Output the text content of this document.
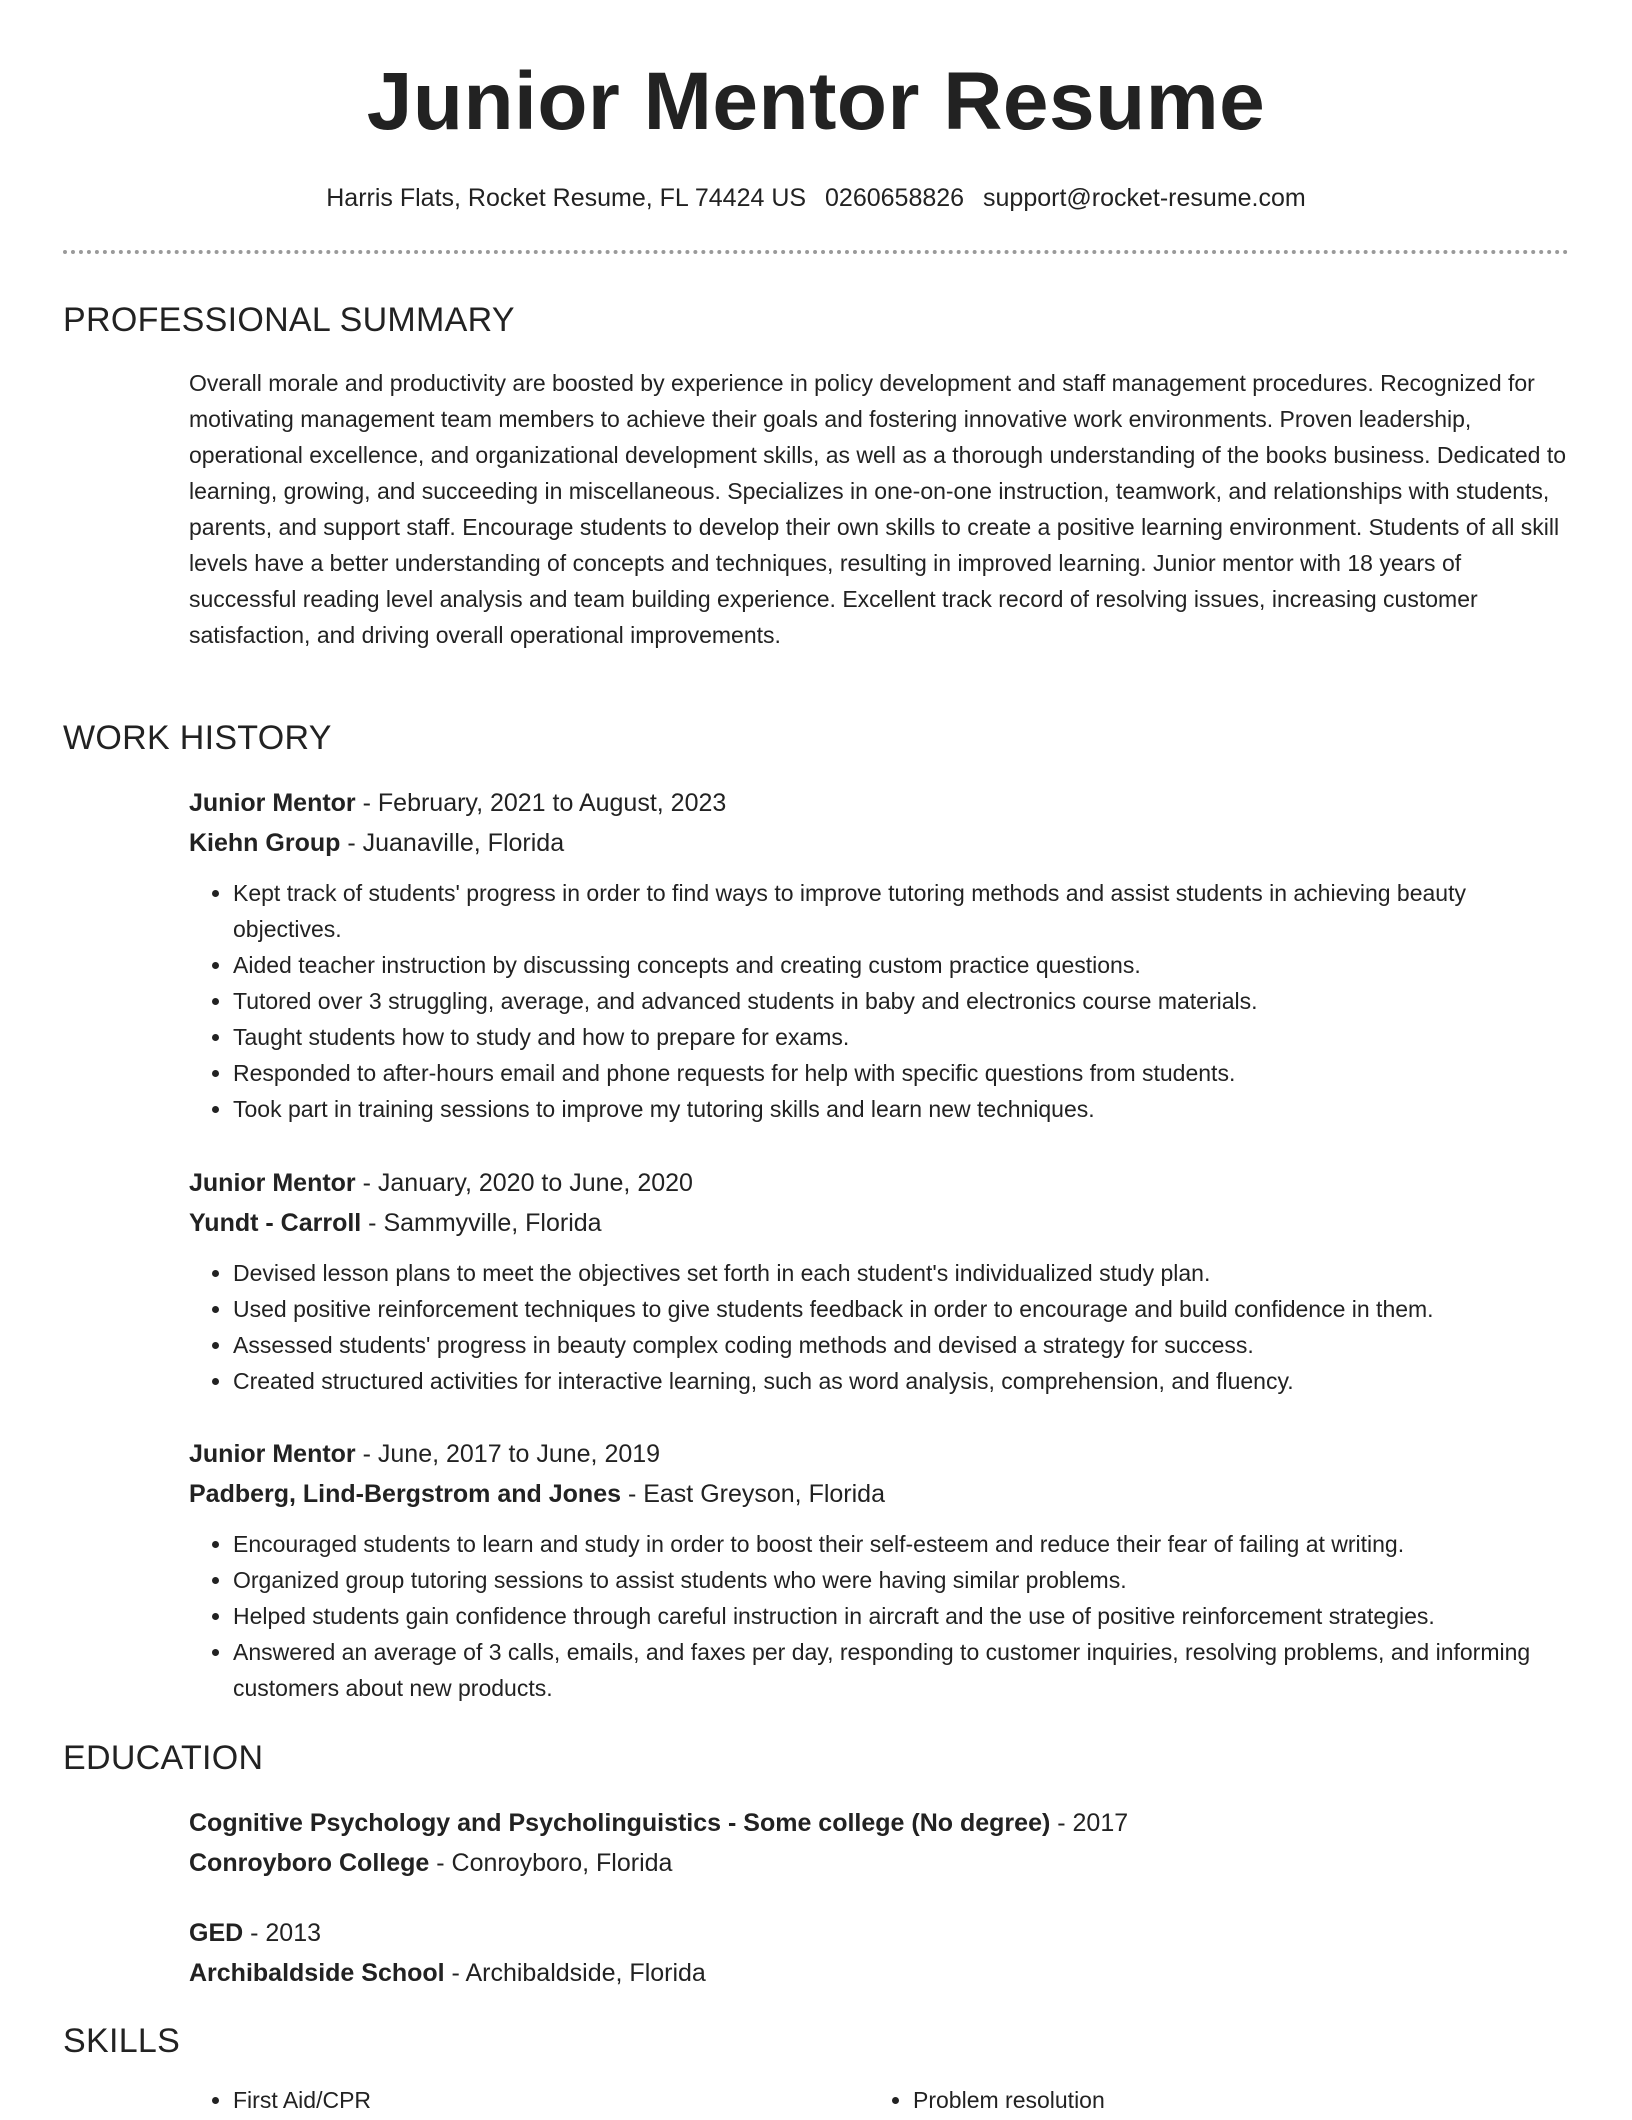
Junior Mentor Resume
Harris Flats, Rocket Resume, FL 74424 US 0260658826 support@rocket-resume.com
PROFESSIONAL SUMMARY

Overall morale and productivity are boosted by experience in policy development and staff management procedures. Recognized for motivating management team members to achieve their goals and fostering innovative work environments. Proven leadership, operational excellence, and organizational development skills, as well as a thorough understanding of the books business. Dedicated to learning, growing, and succeeding in miscellaneous. Specializes in one-on-one instruction, teamwork, and relationships with students, parents, and support staff. Encourage students to develop their own skills to create a positive learning environment. Students of all skill levels have a better understanding of concepts and techniques, resulting in improved learning. Junior mentor with 18 years of successful reading level analysis and team building experience. Excellent track record of resolving issues, increasing customer satisfaction, and driving overall operational improvements.

WORK HISTORY
Junior Mentor - February, 2021 to August, 2023
Kiehn Group - Juanaville, Florida
• Kept track of students' progress in order to find ways to improve tutoring methods and assist students in achieving beauty objectives.
• Aided teacher instruction by discussing concepts and creating custom practice questions.
• Tutored over 3 struggling, average, and advanced students in baby and electronics course materials.
• Taught students how to study and how to prepare for exams.
• Responded to after-hours email and phone requests for help with specific questions from students.
• Took part in training sessions to improve my tutoring skills and learn new techniques.
Junior Mentor - January, 2020 to June, 2020
Yundt - Carroll - Sammyville, Florida
• Devised lesson plans to meet the objectives set forth in each student's individualized study plan.
• Used positive reinforcement techniques to give students feedback in order to encourage and build confidence in them.
• Assessed students' progress in beauty complex coding methods and devised a strategy for success.
• Created structured activities for interactive learning, such as word analysis, comprehension, and fluency.
Junior Mentor - June, 2017 to June, 2019
Padberg, Lind-Bergstrom and Jones - East Greyson, Florida
• Encouraged students to learn and study in order to boost their self-esteem and reduce their fear of failing at writing.
• Organized group tutoring sessions to assist students who were having similar problems.
• Helped students gain confidence through careful instruction in aircraft and the use of positive reinforcement strategies.
• Answered an average of 3 calls, emails, and faxes per day, responding to customer inquiries, resolving problems, and informing customers about new products.
EDUCATION
Cognitive Psychology and Psycholinguistics - Some college (No degree) - 2017
Conroyboro College - Conroyboro, Florida
GED - 2013
Archibaldside School - Archibaldside, Florida
SKILLS
• First Aid/CPR
•	Problem resolution
